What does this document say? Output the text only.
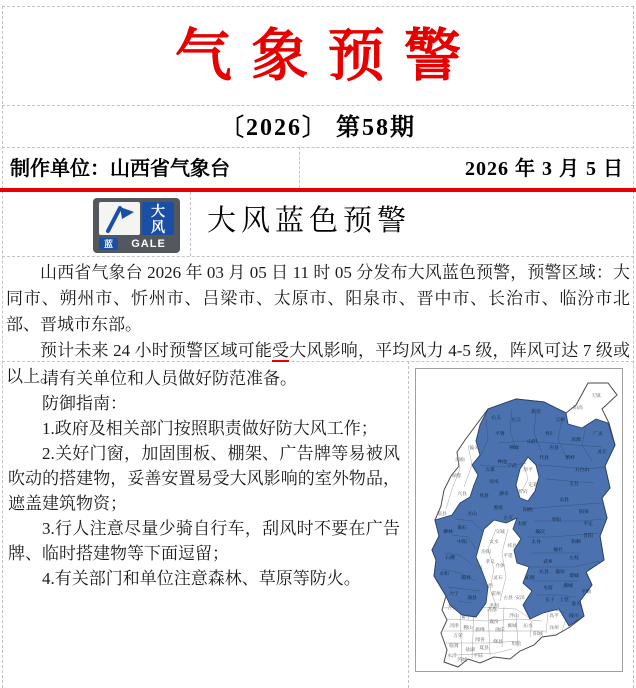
气象预警
〔2026〕 第58期
制作单位：山西省气象台	2026 年 3 月 5 日
大
风
蓝	GALE
大风蓝色预警

山西省气象台 2026 年 03 月 05 日 11 时 05 分发布大风蓝色预警，预警区域：大同市、朔州市、忻州市、吕梁市、太原市、阳泉市、晋中市、长治市、临汾市北部、晋城市东部。

预计未来 24 小时预警区域可能受大风影响，平均风力 4-5 级，阵风可达 7 级或以上。

请有关单位和人员做好防范准备。

防御指南：

1.政府及相关部门按照职责做好防大风工作；

2.关好门窗，加固围板、棚架、广告牌等易被风吹动的搭建物，妥善安置易受大风影响的室外物品，遮盖建筑物资；

3.行人注意尽量少骑自行车，刮风时不要在广告牌、临时搭建物等下面逗留；

4.有关部门和单位注意森林、草原等防火。

右玉 左云
新荣
云州
怀仁
浑源
广灵
灵丘
平鲁
山阴
应县
朔城
神池
五寨
岢岚
宁武
代县	繁峙
五台山
五台
静乐
岚县
方山
娄烦
古交
阳曲
盂县
寿阳
阳泉
平定
昔阳
太原
榆次
太谷
榆社
和顺
左权
武乡
沁县
沁源
襄垣
黎城
潞城
屯留
长子 上党
壶关
平顺
陵川
离石
柳林
中阳
石楼
永和
隰县
大宁
蒲县
天镇
阳高
偏关
河曲
保德
兴县
临县
原平
忻府
定襄
交城
文水
汾阳
孝义
交口	介休
平遥
祁县
灵石
汾西
霍州
洪洞
古县 安泽
尧都
襄汾
浮山
翼城
曲沃
沁水
阳城
泽州
高平
吉县
乡宁
河津 稷山 新绛
万荣
闻喜 绛县 垣曲
临猗
盐湖 夏县
永济	平陆
芮城
